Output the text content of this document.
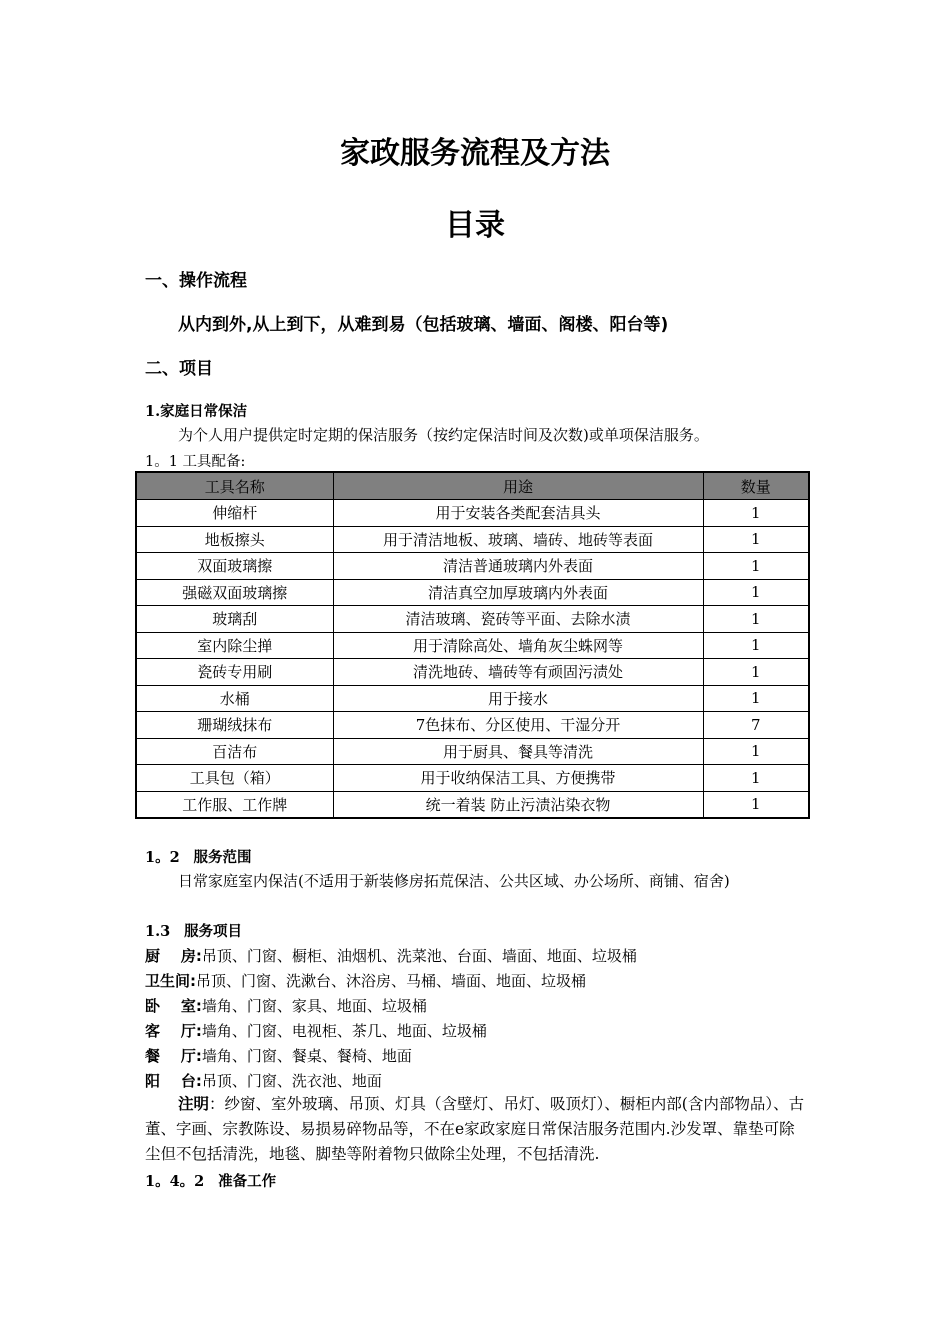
家政服务流程及方法
目录
一、操作流程
从内到外,从上到下，从难到易（包括玻璃、墙面、阁楼、阳台等)
二、项目
1.家庭日常保洁
为个人用户提供定时定期的保洁服务（按约定保洁时间及次数)或单项保洁服务。
1。1 工具配备:
工具名称	用途	数量
伸缩杆	用于安装各类配套洁具头	1
地板擦头	用于清洁地板、玻璃、墙砖、地砖等表面	1
双面玻璃擦	清洁普通玻璃内外表面	1
强磁双面玻璃擦	清洁真空加厚玻璃内外表面	1
玻璃刮	清洁玻璃、瓷砖等平面、去除水渍	1
室内除尘掸	用于清除高处、墙角灰尘蛛网等	1
瓷砖专用刷	清洗地砖、墙砖等有顽固污渍处	1
水桶	用于接水	1
珊瑚绒抹布	7色抹布、分区使用、干湿分开	7
百洁布	用于厨具、餐具等清洗	1
工具包（箱）	用于收纳保洁工具、方便携带	1
工作服、工作牌	统一着装 防止污渍沾染衣物	1
1。2 服务范围
日常家庭室内保洁(不适用于新装修房拓荒保洁、公共区域、办公场所、商铺、宿舍)
1.3 服务项目
厨    房:吊顶、门窗、橱柜、油烟机、洗菜池、台面、墙面、地面、垃圾桶
卫生间:吊顶、门窗、洗漱台、沐浴房、马桶、墙面、地面、垃圾桶
卧    室:墙角、门窗、家具、地面、垃圾桶
客    厅:墙角、门窗、电视柜、茶几、地面、垃圾桶
餐    厅:墙角、门窗、餐桌、餐椅、地面
阳    台:吊顶、门窗、洗衣池、地面
注明：纱窗、室外玻璃、吊顶、灯具（含壁灯、吊灯、吸顶灯）、橱柜内部(含内部物品）、古董、字画、宗教陈设、易损易碎物品等，不在e家政家庭日常保洁服务范围内.沙发罩、靠垫可除尘但不包括清洗，地毯、脚垫等附着物只做除尘处理，不包括清洗.
1。4。2 准备工作
